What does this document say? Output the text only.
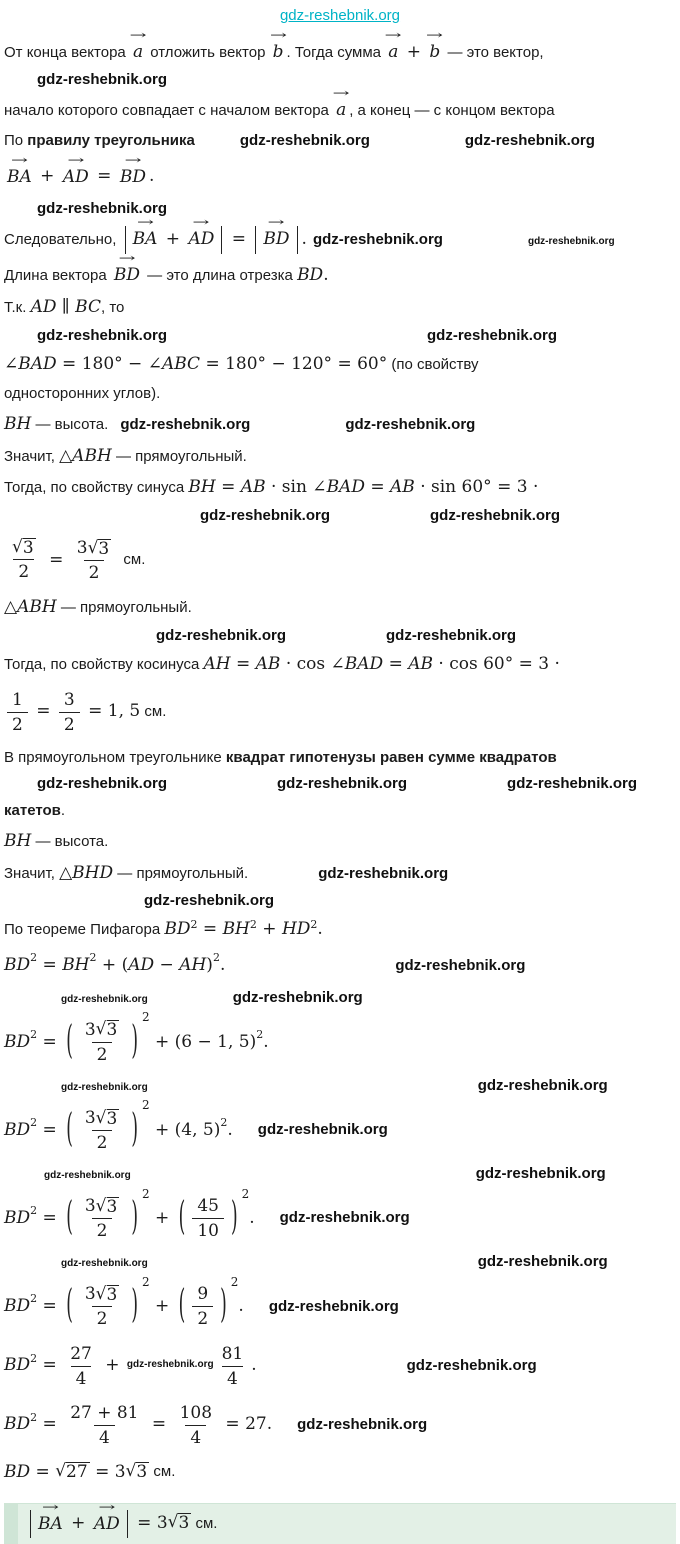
gdz-reshebnik.org
От конца вектора
→
a отложить вектор
→
b . Тогда сумма
→
a +
→
b — это вектор,
gdz-reshebnik.org
начало которого совпадает с началом вектора
→
a , а конец — с концом вектора
По правилу треугольника	gdz-reshebnik.org	gdz-reshebnik.org
→
BA +
→
AD =
→
BD .
gdz-reshebnik.org
Следовательно,
→
BA +
→
AD =
→
BD . gdz-reshebnik.org	gdz-reshebnik.org
Длина вектора
→
BD — это длина отрезка BD.
Т.к. AD ∥ BC, то
gdz-reshebnik.org	gdz-reshebnik.org
∠BAD = 180° − ∠ABC = 180° − 120° = 60° (по свойству
односторонних углов).
BH — высота. gdz-reshebnik.org	gdz-reshebnik.org
Значит, △ABH — прямоугольный.
Тогда, по свойству синуса BH = AB · sin ∠BAD = AB · sin 60° = 3 ·
gdz-reshebnik.org	gdz-reshebnik.org
$\frac{√ 3}{2} = \frac{3 √ 3}{2}$ см.
△ABH — прямоугольный.
gdz-reshebnik.org	gdz-reshebnik.org
Тогда, по свойству косинуса AH = AB · cos ∠BAD = AB · cos 60° = 3 ·
$\frac{1}{2} = \frac{3}{2} = 1$, 5 см.
В прямоугольном треугольнике квадрат гипотенузы равен сумме квадратов
gdz-reshebnik.org	gdz-reshebnik.org	gdz-reshebnik.org
катетов.
BH — высота.
Значит, △BHD — прямоугольный.	gdz-reshebnik.org
gdz-reshebnik.org
По теореме Пифагора $BD^2 = BH^2 + HD^2$.
$BD^2 = BH^2$ + ( AD − AH )$^2$ .	gdz-reshebnik.org
gdz-reshebnik.org	gdz-reshebnik.org
$BD^2$ = ( $\frac{3 √ 3}{2}$ )
2
+ (6 − 1, 5)$^2$ .
gdz-reshebnik.org	gdz-reshebnik.org
$BD^2$ = ( $\frac{3 √ 3}{2}$ )
2
+ (4, 5)$^2$ . gdz-reshebnik.org
gdz-reshebnik.org	gdz-reshebnik.org
$BD^2$ = ( $\frac{3 √ 3}{2}$ )
2
+ ( $\frac{45}{10}$ )
2
. gdz-reshebnik.org
gdz-reshebnik.org	gdz-reshebnik.org
$BD^2$ = ( $\frac{3 √ 3}{2}$ )
2
+ ( $\frac{9}{2}$ )
2
. gdz-reshebnik.org
$BD^2 = \frac{27}{4}$ + gdz-reshebnik.org $\frac{81}{4}$ .	gdz-reshebnik.org
$BD^2 = \frac{27 + 81}{4} = \frac{108}{4} = 27$. gdz-reshebnik.org
BD = √ 27 = 3 √ 3 см.
→
BA +
→
AD = 3 √ 3 см.
